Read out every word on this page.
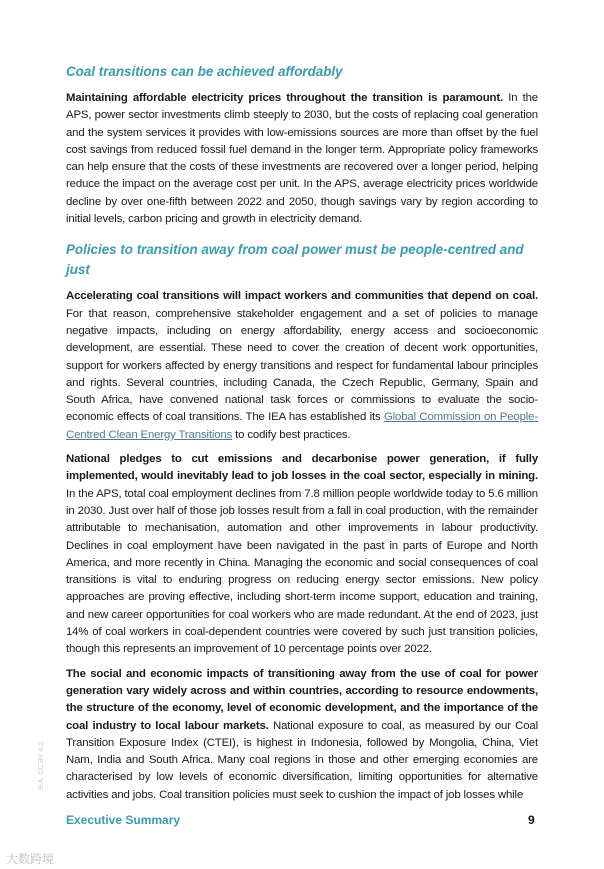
Coal transitions can be achieved affordably

Maintaining affordable electricity prices throughout the transition is paramount. In the APS, power sector investments climb steeply to 2030, but the costs of replacing coal generation and the system services it provides with low-emissions sources are more than offset by the fuel cost savings from reduced fossil fuel demand in the longer term. Appropriate policy frameworks can help ensure that the costs of these investments are recovered over a longer period, helping reduce the impact on the average cost per unit. In the APS, average electricity prices worldwide decline by over one-fifth between 2022 and 2050, though savings vary by region according to initial levels, carbon pricing and growth in electricity demand.

Policies to transition away from coal power must be people-centred and just

Accelerating coal transitions will impact workers and communities that depend on coal. For that reason, comprehensive stakeholder engagement and a set of policies to manage negative impacts, including on energy affordability, energy access and socioeconomic development, are essential. These need to cover the creation of decent work opportunities, support for workers affected by energy transitions and respect for fundamental labour principles and rights. Several countries, including Canada, the Czech Republic, Germany, Spain and South Africa, have convened national task forces or commissions to evaluate the socio-economic effects of coal transitions. The IEA has established its Global Commission on People-Centred Clean Energy Transitions to codify best practices.

National pledges to cut emissions and decarbonise power generation, if fully implemented, would inevitably lead to job losses in the coal sector, especially in mining. In the APS, total coal employment declines from 7.8 million people worldwide today to 5.6 million in 2030. Just over half of those job losses result from a fall in coal production, with the remainder attributable to mechanisation, automation and other improvements in labour productivity. Declines in coal employment have been navigated in the past in parts of Europe and North America, and more recently in China. Managing the economic and social consequences of coal transitions is vital to enduring progress on reducing energy sector emissions. New policy approaches are proving effective, including short-term income support, education and training, and new career opportunities for coal workers who are made redundant. At the end of 2023, just 14% of coal workers in coal-dependent countries were covered by such just transition policies, though this represents an improvement of 10 percentage points over 2022.

The social and economic impacts of transitioning away from the use of coal for power generation vary widely across and within countries, according to resource endowments, the structure of the economy, level of economic development, and the importance of the coal industry to local labour markets. National exposure to coal, as measured by our Coal Transition Exposure Index (CTEI), is highest in Indonesia, followed by Mongolia, China, Viet Nam, India and South Africa. Many coal regions in those and other emerging economies are characterised by low levels of economic diversification, limiting opportunities for alternative activities and jobs. Coal transition policies must seek to cushion the impact of job losses while

IEA. CC BY 4.0.
Executive Summary	9
大数跨境
